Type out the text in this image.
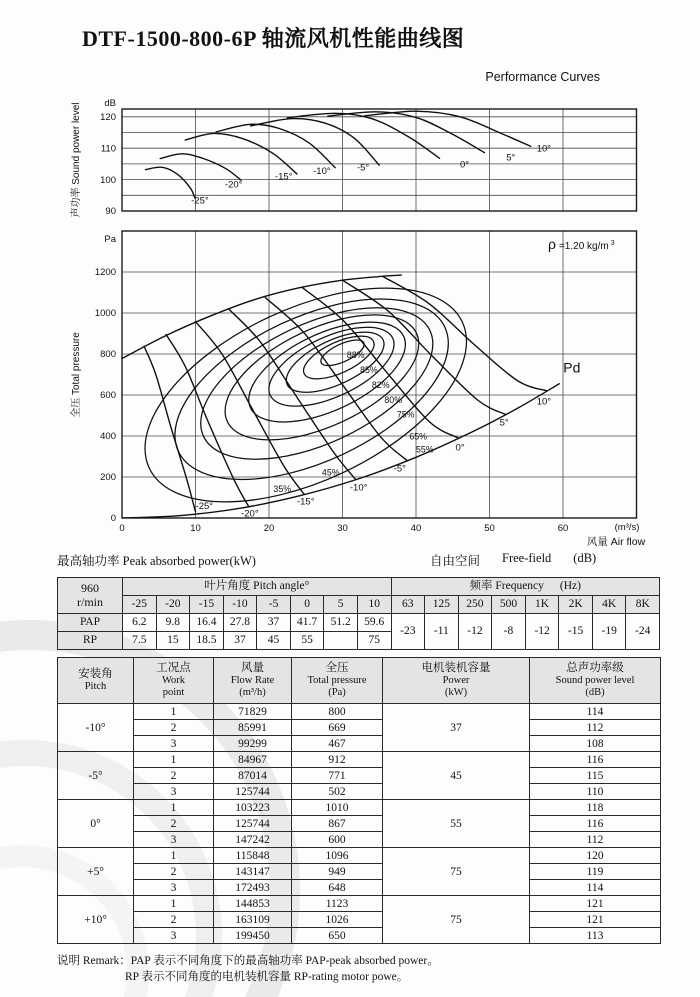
DTF-1500-800-6P 轴流风机性能曲线图
Performance Curves
90
100
110
120
dB
声功率 Sound power level	-25°
-20°
-15°
-10°	-5°	0°
5°
10°
0
200
400
600
800
1000
1200
Pa
0	10	20	30	40	50	60	(m³/s)
风量 Air flow
全压 Total pressure
-25°
-20°
-15°
-10°
-5°
0°
5°
10°
35%
45%
55%
65%
75%
80%
82%
85%
88%
Pd
ρ =1.20 kg/m $^3$
最高轴功率 Peak absorbed power(kW)	自由空间 Free-field (dB)
960
r/min	叶片角度 Pitch angle°								频率 Frequency (Hz)							
	-25	-20	-15	-10	-5	0	5	10	63	125	250	500	1K	2K	4K	8K
PAP	6.2	9.8	16.4	27.8	37	41.7	51.2	59.6	-23	-11	-12	-8	-12	-15	-19	-24
RP	7.5	15	18.5	37	45	55		75								
安装角
Pitch

工况点
Work
point

风量
Flow Rate
(m³/h)

全压
Total pressure
(Pa)

电机装机容量
Power
(kW)

总声功率级
Sound power level
(dB)

-10°	1	71829	800	37	114
	2	85991	669		112
	3	99299	467		108
-5°	1	84967	912	45	116
	2	87014	771		115
	3	125744	502		110
0°	1	103223	1010	55	118
	2	125744	867		116
	3	147242	600		112
+5°	1	115848	1096	75	120
	2	143147	949		119
	3	172493	648		114
+10°	1	144853	1123	75	121
	2	163109	1026		121
	3	199450	650		113
说明 Remark：PAP 表示不同角度下的最高轴功率 PAP-peak absorbed power。
RP 表示不同角度的电机装机容量 RP-rating motor powe。
